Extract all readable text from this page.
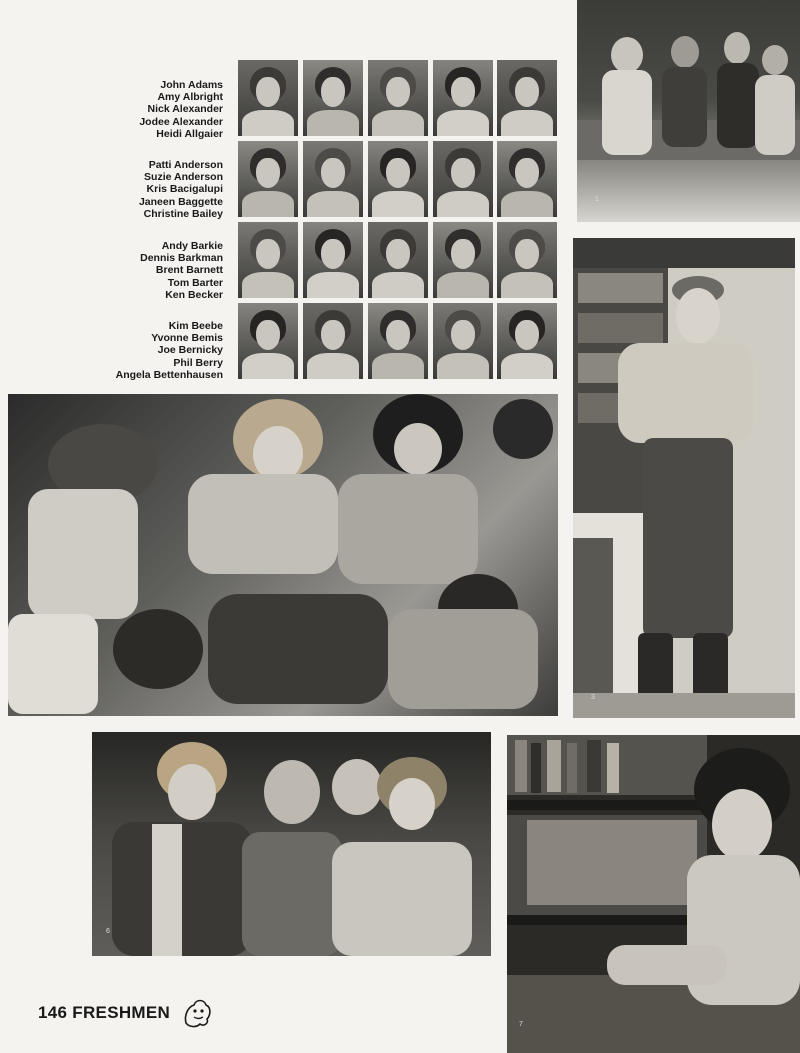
John Adams
Amy Albright
Nick Alexander
Jodee Alexander
Heidi Allgaier
Patti Anderson
Suzie Anderson
Kris Bacigalupi
Janeen Baggette
Christine Bailey
Andy Barkie
Dennis Barkman
Brent Barnett
Tom Barter
Ken Becker
Kim Beebe
Yvonne Bemis
Joe Bernicky
Phil Berry
Angela Bettenhausen
1
3
6
7
146 FRESHMEN
